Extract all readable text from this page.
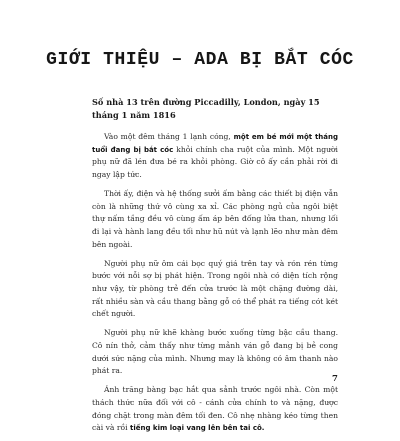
GIỚI THIỆU – ADA BỊ BẮT CÓC
Số nhà 13 trên đường Piccadilly, London, ngày 15 tháng 1 năm 1816

Vào một đêm tháng 1 lạnh cóng, một em bé mới một tháng tuổi đang bị bắt cóc khỏi chính cha ruột của mình. Một người phụ nữ đã lén đưa bé ra khỏi phòng. Giờ cô ấy cần phải rời đi ngay lập tức.

Thời ấy, điện và hệ thống sưởi ấm bằng các thiết bị điện vẫn còn là những thứ vô cùng xa xỉ. Các phòng ngủ của ngôi biệt thự nấm tầng đều vô cùng ấm áp bên đống lửa than, nhưng lối đi lại và hành lang đều tối như hũ nút và lạnh lẽo như màn đêm bên ngoài.

Người phụ nữ ôm cái bọc quý giá trên tay và rón rén từng bước với nỗi sợ bị phát hiện. Trong ngôi nhà có diện tích rộng như vậy, từ phòng trẻ đến cửa trước là một chặng đường dài, rất nhiều sàn và cầu thang bằng gỗ có thể phát ra tiếng cót két chết người.

Người phụ nữ khẽ khàng bước xuống từng bậc cầu thang. Cô nín thở, cảm thấy như từng mảnh ván gỗ đang bị bẻ cong dưới sức nặng của mình. Nhưng may là không có âm thanh nào phát ra.

Ánh trăng bàng bạc hắt qua sảnh trước ngôi nhà. Còn một thách thức nữa đối với cô - cánh cửa chính to và nặng, được đóng chặt trong màn đêm tối đen. Cô nhẹ nhàng kéo từng then cài và rồi tiếng kim loại vang lên bên tai cô.

7
